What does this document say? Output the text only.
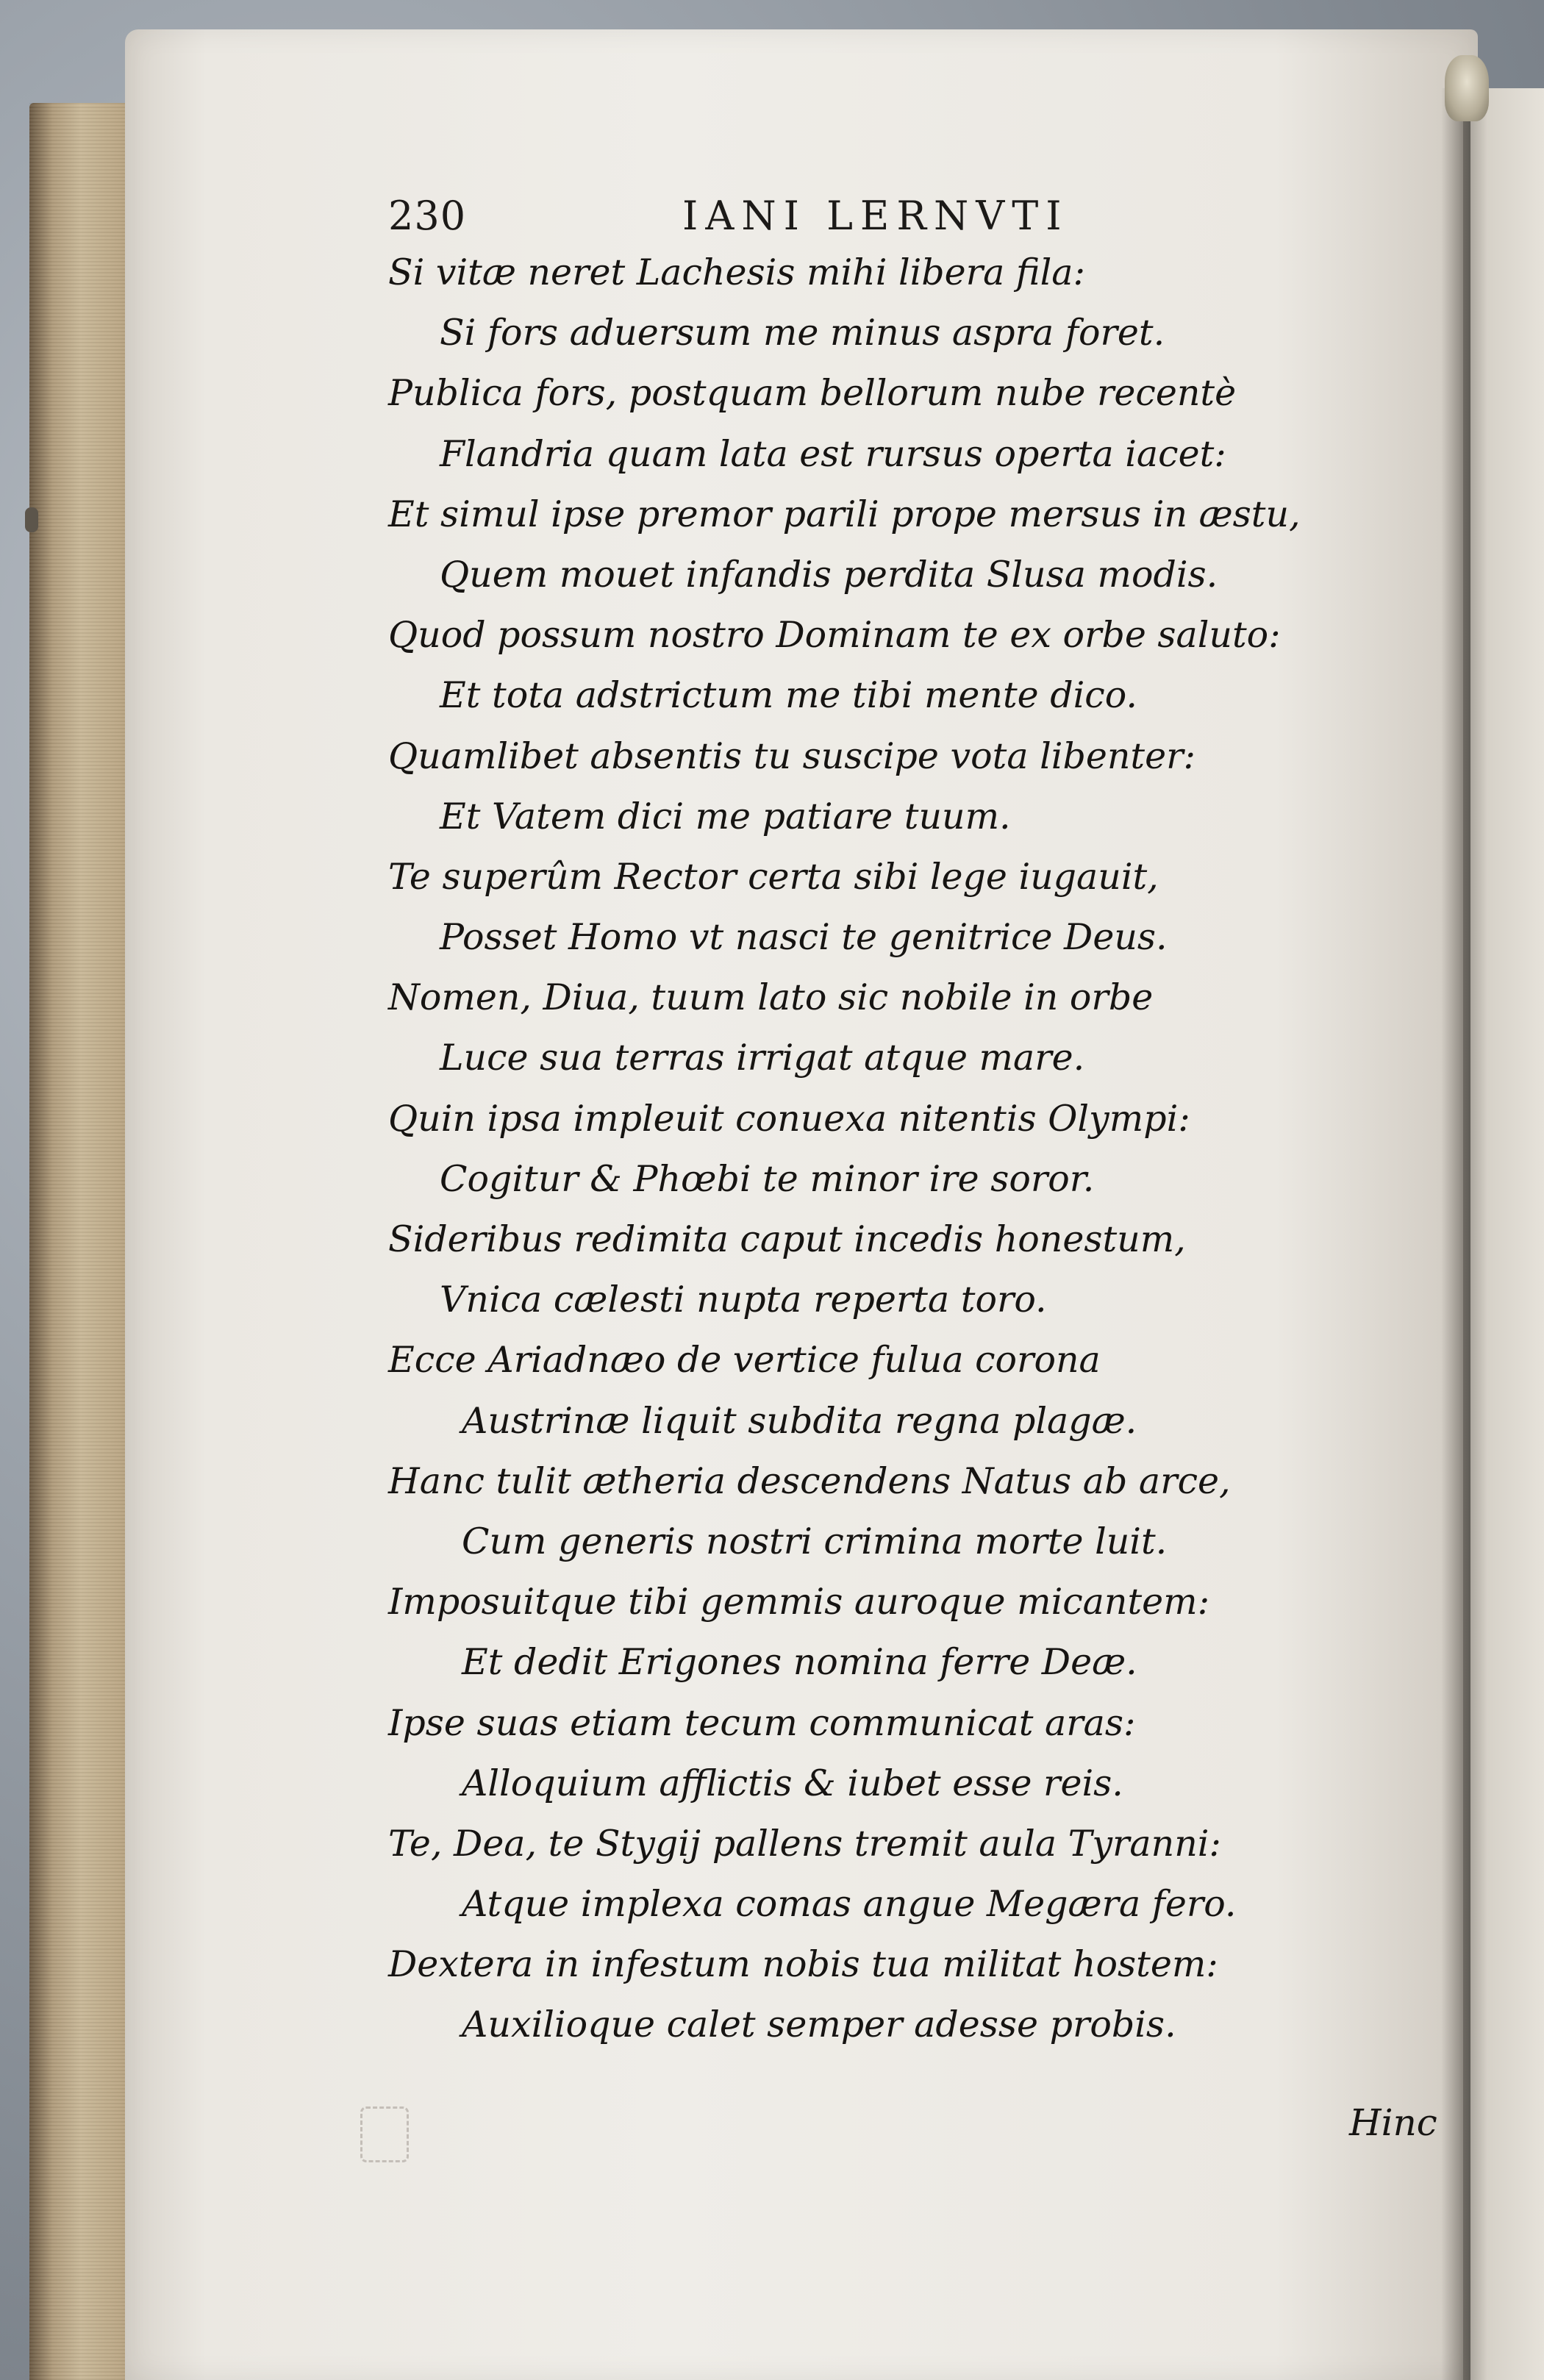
230	IANI LERNVTI
Si vitæ neret Lachesis mihi libera fila:
Si fors aduersum me minus aspra foret.
Publica fors, postquam bellorum nube recentè
Flandria quam lata est rursus operta iacet:
Et simul ipse premor parili prope mersus in æstu,
Quem mouet infandis perdita Slusa modis.
Quod possum nostro Dominam te ex orbe saluto:
Et tota adstrictum me tibi mente dico.
Quamlibet absentis tu suscipe vota libenter:
Et Vatem dici me patiare tuum.
Te superûm Rector certa sibi lege iugauit,
Posset Homo vt nasci te genitrice Deus.
Nomen, Diua, tuum lato sic nobile in orbe
Luce sua terras irrigat atque mare.
Quin ipsa impleuit conuexa nitentis Olympi:
Cogitur & Phœbi te minor ire soror.
Sideribus redimita caput incedis honestum,
Vnica cælesti nupta reperta toro.
Ecce Ariadnæo de vertice fulua corona
Austrinæ liquit subdita regna plagæ.
Hanc tulit ætheria descendens Natus ab arce,
Cum generis nostri crimina morte luit.
Imposuitque tibi gemmis auroque micantem:
Et dedit Erigones nomina ferre Deæ.
Ipse suas etiam tecum communicat aras:
Alloquium afflictis & iubet esse reis.
Te, Dea, te Stygij pallens tremit aula Tyranni:
Atque implexa comas angue Megæra fero.
Dextera in infestum nobis tua militat hostem:
Auxilioque calet semper adesse probis.
Hinc
